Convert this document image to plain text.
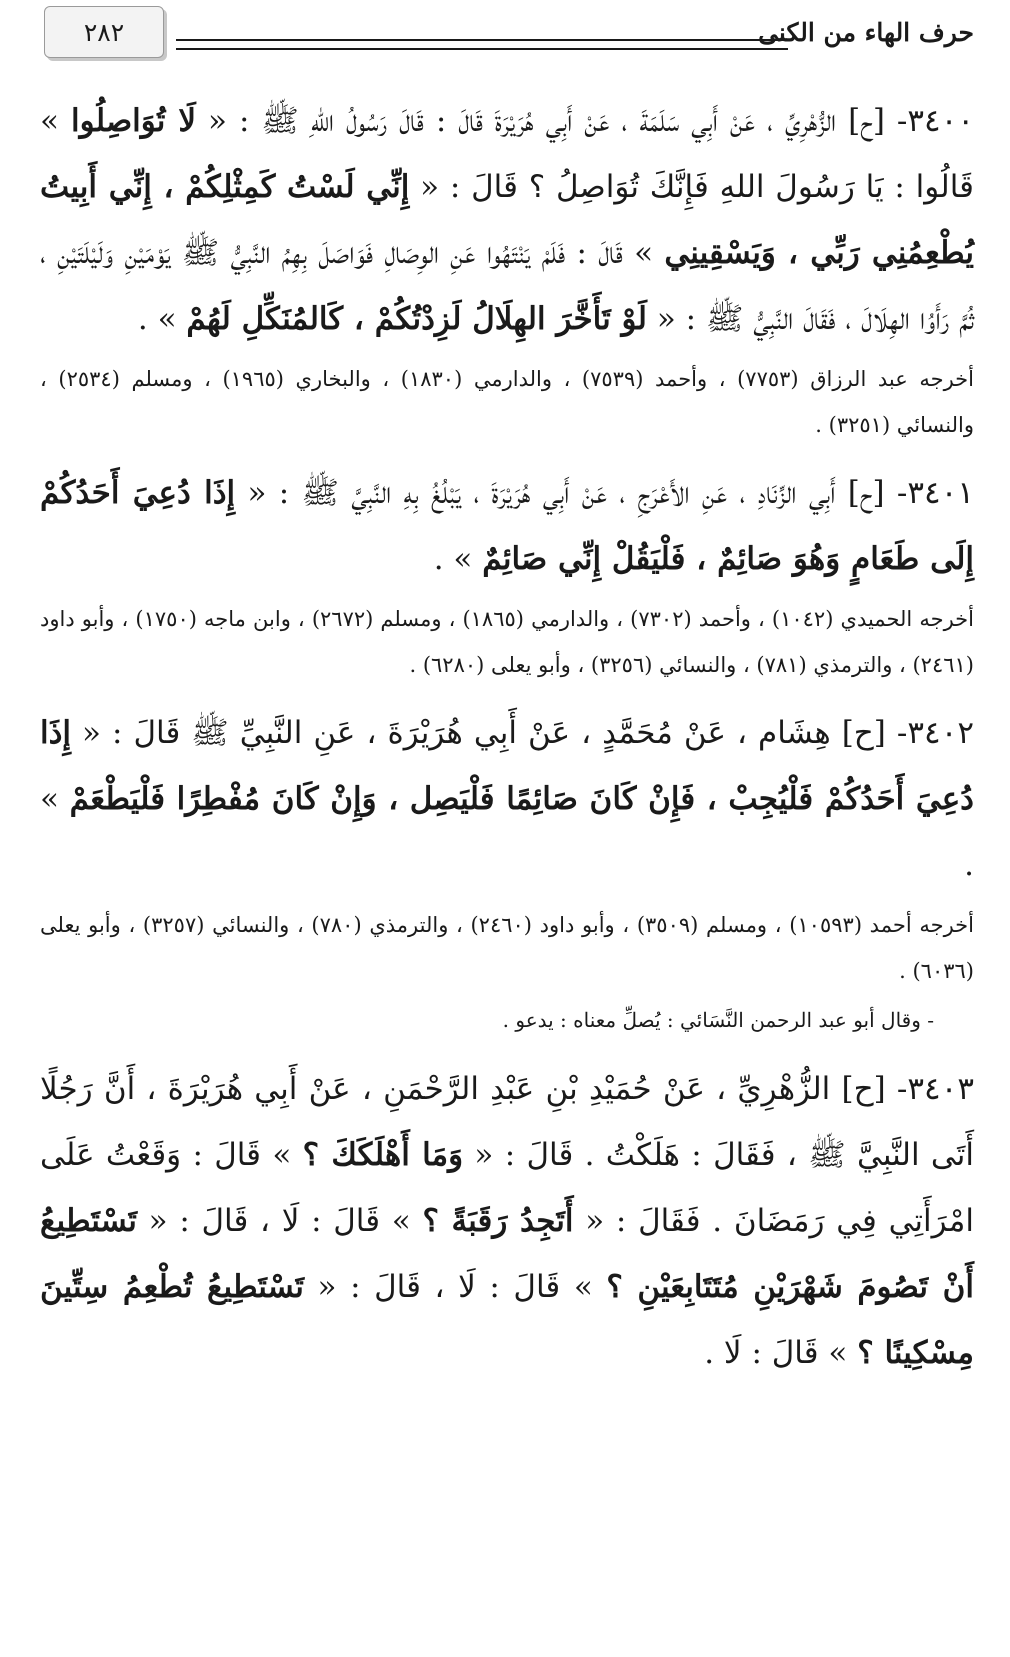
٢٨٢	حرف الهاء من الكنى

٣٤٠٠- [ح] الزُّهْرِيِّ ، عَنْ أَبِي سَلَمَةَ ، عَنْ أَبِي هُرَيْرَةَ قَالَ : قَالَ رَسُولُ اللهِ ﷺ : « لَا تُوَاصِلُوا » قَالُوا : يَا رَسُولَ اللهِ فَإِنَّكَ تُوَاصِلُ ؟ قَالَ : « إِنِّي لَسْتُ كَمِثْلِكُمْ ، إِنِّي أَبِيتُ يُطْعِمُنِي رَبِّي ، وَيَسْقِينِي » قَالَ : فَلَمْ يَنْتَهُوا عَنِ الوِصَالِ فَوَاصَلَ بِهِمُ النَّبِيُّ ﷺ يَوْمَيْنِ وَلَيْلَتَيْنِ ، ثُمَّ رَأَوُا الهِلَالَ ، فَقَالَ النَّبِيُّ ﷺ : « لَوْ تَأَخَّرَ الهِلَالُ لَزِدْتُكُمْ ، كَالمُنَكِّلِ لَهُمْ » .

أخرجه عبد الرزاق (٧٧٥٣) ، وأحمد (٧٥٣٩) ، والدارمي (١٨٣٠) ، والبخاري (١٩٦٥) ، ومسلم (٢٥٣٤) ، والنسائي (٣٢٥١) .

٣٤٠١- [ح] أَبِي الزِّنَادِ ، عَنِ الأَعْرَجِ ، عَنْ أَبِي هُرَيْرَةَ ، يَبْلُغُ بِهِ النَّبِيَّ ﷺ : « إِذَا دُعِيَ أَحَدُكُمْ إِلَى طَعَامٍ وَهُوَ صَائِمٌ ، فَلْيَقُلْ إِنِّي صَائِمٌ » .

أخرجه الحميدي (١٠٤٢) ، وأحمد (٧٣٠٢) ، والدارمي (١٨٦٥) ، ومسلم (٢٦٧٢) ، وابن ماجه (١٧٥٠) ، وأبو داود (٢٤٦١) ، والترمذي (٧٨١) ، والنسائي (٣٢٥٦) ، وأبو يعلى (٦٢٨٠) .

٣٤٠٢- [ح] هِشَام ، عَنْ مُحَمَّدٍ ، عَنْ أَبِي هُرَيْرَةَ ، عَنِ النَّبِيِّ ﷺ قَالَ : « إِذَا دُعِيَ أَحَدُكُمْ فَلْيُجِبْ ، فَإِنْ كَانَ صَائِمًا فَلْيَصِل ، وَإِنْ كَانَ مُفْطِرًا فَلْيَطْعَمْ » .

أخرجه أحمد (١٠٥٩٣) ، ومسلم (٣٥٠٩) ، وأبو داود (٢٤٦٠) ، والترمذي (٧٨٠) ، والنسائي (٣٢٥٧) ، وأبو يعلى (٦٠٣٦) .

- وقال أبو عبد الرحمن النَّسَائي : يُصلِّ معناه : يدعو .

٣٤٠٣- [ح] الزُّهْرِيِّ ، عَنْ حُمَيْدِ بْنِ عَبْدِ الرَّحْمَنِ ، عَنْ أَبِي هُرَيْرَةَ ، أَنَّ رَجُلًا أَتَى النَّبِيَّ ﷺ ، فَقَالَ : هَلَكْتُ . قَالَ : « وَمَا أَهْلَكَكَ ؟ » قَالَ : وَقَعْتُ عَلَى امْرَأَتِي فِي رَمَضَانَ . فَقَالَ : « أَتَجِدُ رَقَبَةً ؟ » قَالَ : لَا ، قَالَ : « تَسْتَطِيعُ أَنْ تَصُومَ شَهْرَيْنِ مُتَتَابِعَيْنِ ؟ » قَالَ : لَا ، قَالَ : « تَسْتَطِيعُ تُطْعِمُ سِتِّينَ مِسْكِينًا ؟ » قَالَ : لَا .
